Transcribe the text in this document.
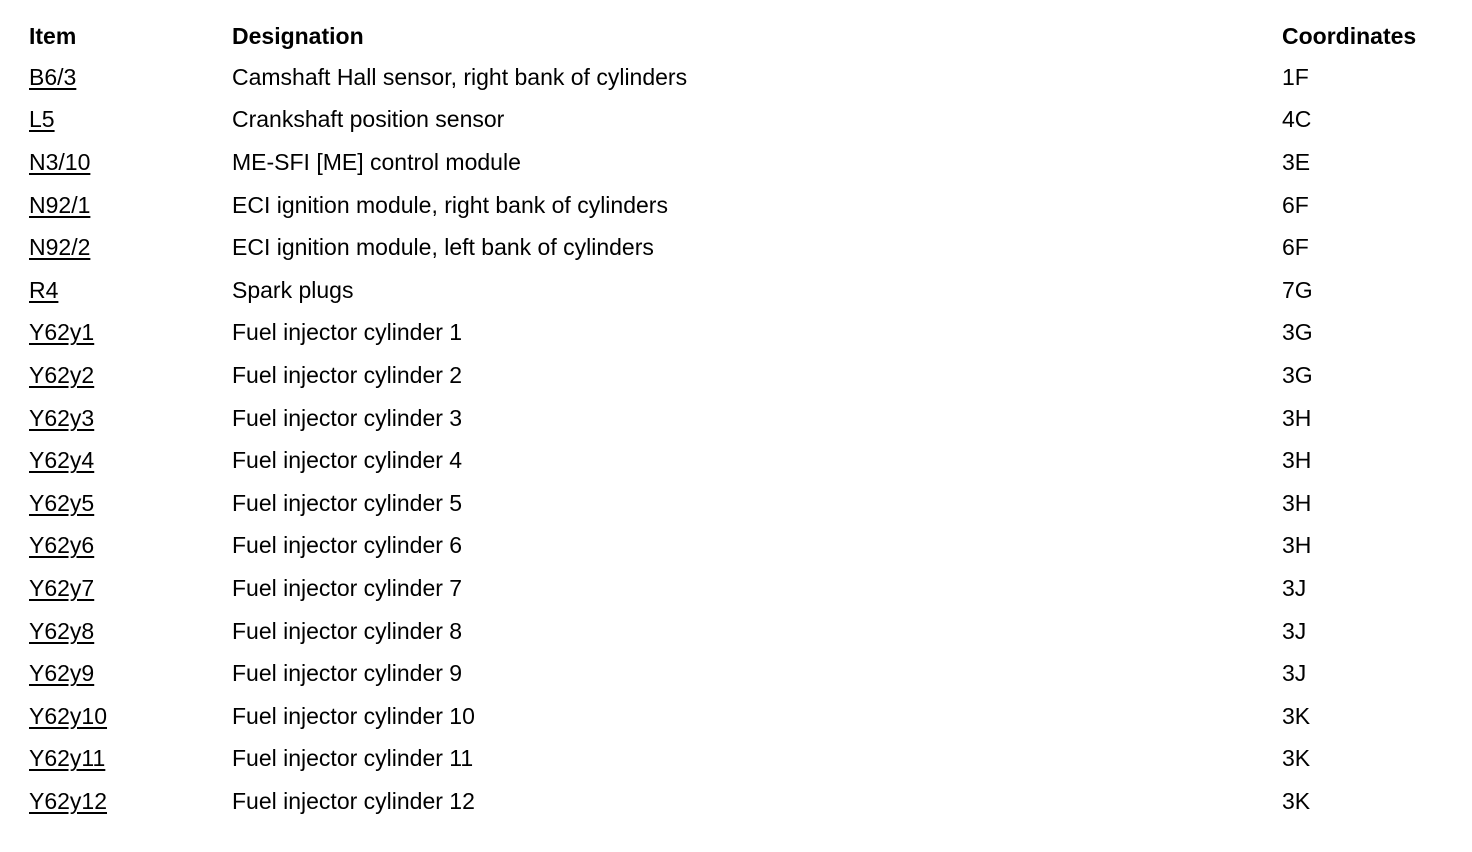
Item	Designation	Coordinates
B6/3	Camshaft Hall sensor, right bank of cylinders	1F
L5	Crankshaft position sensor	4C
N3/10	ME-SFI [ME] control module	3E
N92/1	ECI ignition module, right bank of cylinders	6F
N92/2	ECI ignition module, left bank of cylinders	6F
R4	Spark plugs	7G
Y62y1	Fuel injector cylinder 1	3G
Y62y2	Fuel injector cylinder 2	3G
Y62y3	Fuel injector cylinder 3	3H
Y62y4	Fuel injector cylinder 4	3H
Y62y5	Fuel injector cylinder 5	3H
Y62y6	Fuel injector cylinder 6	3H
Y62y7	Fuel injector cylinder 7	3J
Y62y8	Fuel injector cylinder 8	3J
Y62y9	Fuel injector cylinder 9	3J
Y62y10	Fuel injector cylinder 10	3K
Y62y11	Fuel injector cylinder 11	3K
Y62y12	Fuel injector cylinder 12	3K
